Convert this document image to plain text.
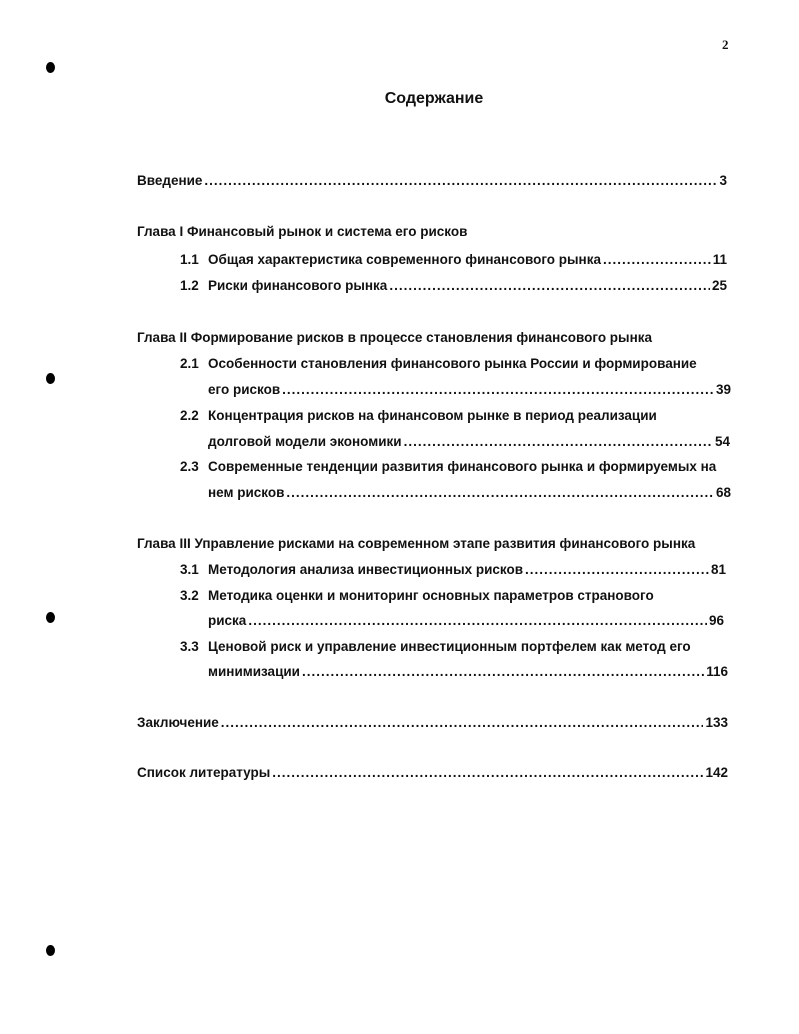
2
Содержание
Введение .....	3
Глава I Финансовый рынок и система его рисков
1.1 Общая характеристика современного финансового рынка .....	11
1.2 Риски финансового рынка .....	25
Глава II Формирование рисков в процессе становления финансового рынка
2.1 Особенности становления финансового рынка России и формирование
его рисков .....	39
2.2 Концентрация рисков на финансовом рынке в период реализации
долговой модели экономики .....	54
2.3 Современные тенденции развития финансового рынка и формируемых на
нем рисков .....	68
Глава III Управление рисками на современном этапе развития финансового рынка
3.1 Методология анализа инвестиционных рисков .....	81
3.2 Методика оценки и мониторинг основных параметров странового
риска .....	96
3.3 Ценовой риск и управление инвестиционным портфелем как метод его
минимизации .....	116
Заключение .....	133
Список литературы .....	142
